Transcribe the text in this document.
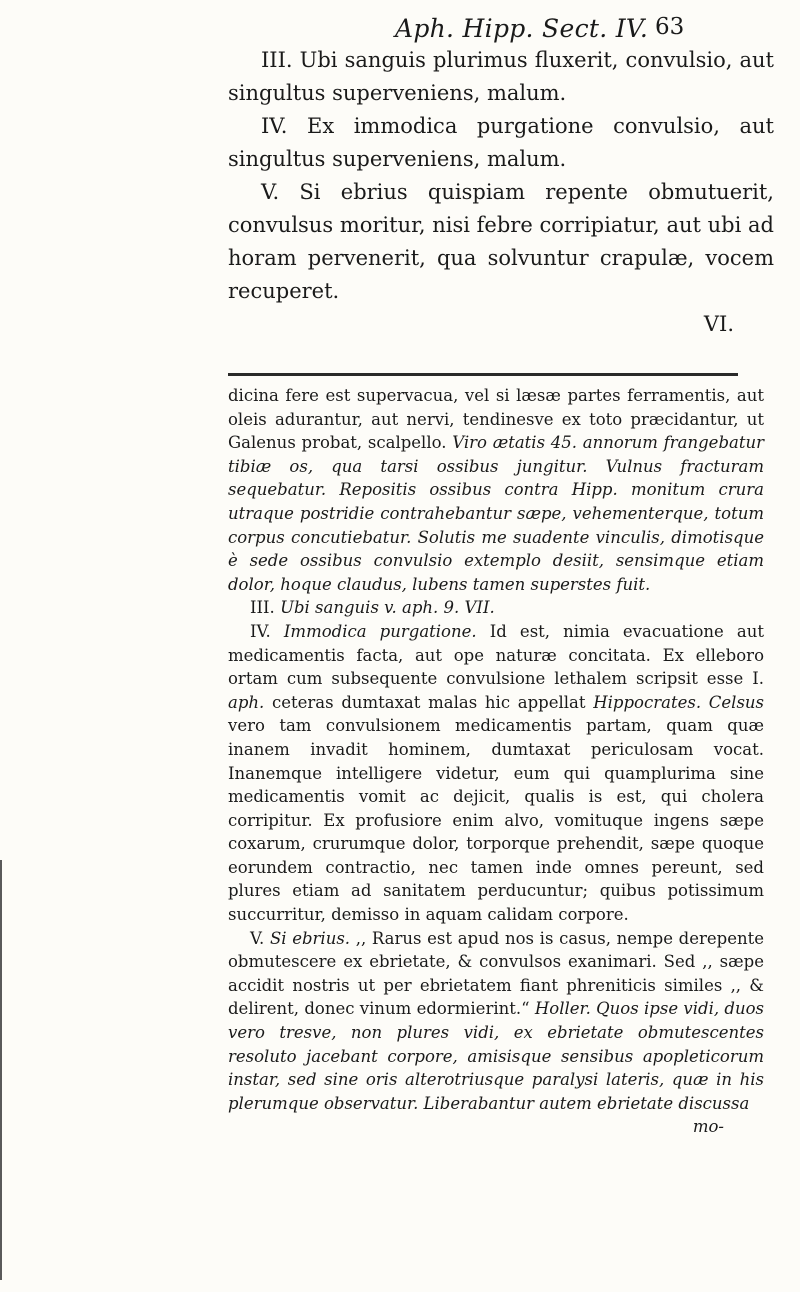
Aph. Hipp. Sect. IV. 63

III. Ubi sanguis plurimus fluxerit, convulsio, aut singultus superveniens, malum.

IV. Ex immodica purgatione convulsio, aut singultus superveniens, malum.

V. Si ebrius quispiam repente obmutuerit, convulsus moritur, nisi febre corripiatur, aut ubi ad horam pervenerit, qua solvuntur crapulæ, vocem recuperet.

VI.

dicina fere est supervacua, vel si læsæ partes ferramentis, aut oleis adurantur, aut nervi, tendinesve ex toto præcidantur, ut Galenus probat, scalpello. Viro ætatis 45. annorum frangebatur tibiæ os, qua tarsi ossibus jungitur. Vulnus fracturam sequebatur. Repositis ossibus contra Hipp. monitum crura utraque postridie contrahebantur sæpe, vehementerque, totum corpus concutiebatur. Solutis me suadente vinculis, dimotisque è sede ossibus convulsio extemplo desiit, sensimque etiam dolor, hoque claudus, lubens tamen superstes fuit.

III. Ubi sanguis v. aph. 9. VII.

IV. Immodica purgatione. Id est, nimia evacuatione aut medicamentis facta, aut ope naturæ concitata. Ex elleboro ortam cum subsequente convulsione lethalem scripsit esse I. aph. ceteras dumtaxat malas hic appellat Hippocrates. Celsus vero tam convulsionem medicamentis partam, quam quæ inanem invadit hominem, dumtaxat periculosam vocat. Inanemque intelligere videtur, eum qui quamplurima sine medicamentis vomit ac dejicit, qualis is est, qui cholera corripitur. Ex profusiore enim alvo, vomituque ingens sæpe coxarum, crurumque dolor, torporque prehendit, sæpe quoque eorundem contractio, nec tamen inde omnes pereunt, sed plures etiam ad sanitatem perducuntur; quibus potissimum succurritur, demisso in aquam calidam corpore.

V. Si ebrius. ,, Rarus est apud nos is casus, nempe derepente obmutescere ex ebrietate, & convulsos exanimari. Sed ,, sæpe accidit nostris ut per ebrietatem fiant phreniticis similes ,, & delirent, donec vinum edormierint.“ Holler. Quos ipse vidi, duos vero tresve, non plures vidi, ex ebrietate obmutescentes resoluto jacebant corpore, amisisque sensibus apopleticorum instar, sed sine oris alterotriusque paralysi lateris, quæ in his plerumque observatur. Liberabantur autem ebrietate discussa

mo-
